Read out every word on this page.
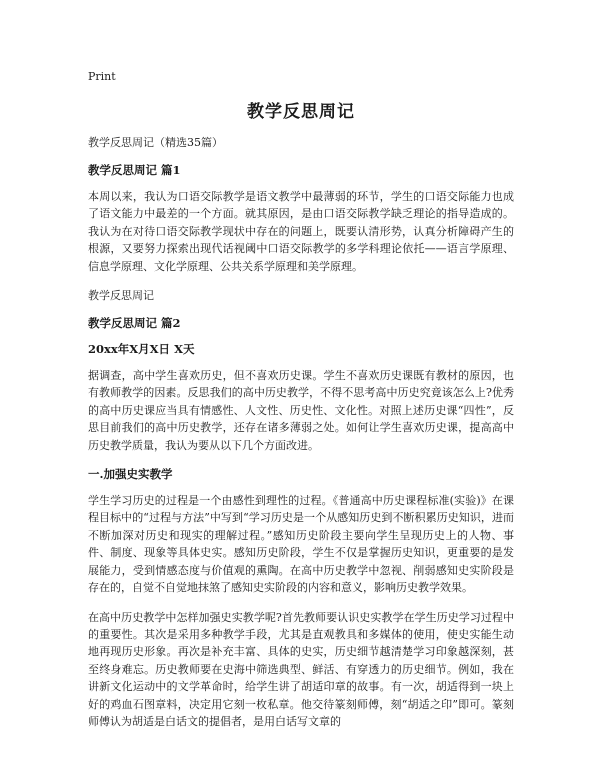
Print
教学反思周记
教学反思周记（精选35篇）
教学反思周记 篇1
本周以来，我认为口语交际教学是语文教学中最薄弱的环节，学生的口语交际能力也成了语文能力中最差的一个方面。就其原因，是由口语交际教学缺乏理论的指导造成的。我认为在对待口语交际教学现状中存在的问题上，既要认清形势，认真分析障碍产生的根源，又要努力探索出现代话视阈中口语交际教学的多学科理论依托——语言学原理、信息学原理、文化学原理、公共关系学原理和美学原理。
教学反思周记
教学反思周记 篇2
20xx年X月X日 X天
据调查，高中学生喜欢历史，但不喜欢历史课。学生不喜欢历史课既有教材的原因，也有教师教学的因素。反思我们的高中历史教学，不得不思考高中历史究竟该怎么上?优秀的高中历史课应当具有情感性、人文性、历史性、文化性。对照上述历史课“四性”，反思目前我们的高中历史教学，还存在诸多薄弱之处。如何让学生喜欢历史课，提高高中历史教学质量，我认为要从以下几个方面改进。
一.加强史实教学
学生学习历史的过程是一个由感性到理性的过程。《普通高中历史课程标准(实验)》在课程目标中的“过程与方法”中写到“学习历史是一个从感知历史到不断积累历史知识，进而不断加深对历史和现实的理解过程。”感知历史阶段主要向学生呈现历史上的人物、事件、制度、现象等具体史实。感知历史阶段，学生不仅是掌握历史知识，更重要的是发展能力，受到情感态度与价值观的熏陶。在高中历史教学中忽视、削弱感知史实阶段是存在的，自觉不自觉地抹煞了感知史实阶段的内容和意义，影响历史教学效果。
在高中历史教学中怎样加强史实教学呢?首先教师要认识史实教学在学生历史学习过程中的重要性。其次是采用多种教学手段，尤其是直观教具和多媒体的使用，使史实能生动地再现历史形象。再次是补充丰富、具体的史实，历史细节越清楚学习印象越深刻，甚至终身难忘。历史教师要在史海中筛选典型、鲜活、有穿透力的历史细节。例如，我在讲新文化运动中的文学革命时，给学生讲了胡适印章的故事。有一次，胡适得到一块上好的鸡血石图章料，决定用它刻一枚私章。他交待篆刻师傅，刻“胡适之印”即可。篆刻师傅认为胡适是白话文的提倡者，是用白话写文章的
